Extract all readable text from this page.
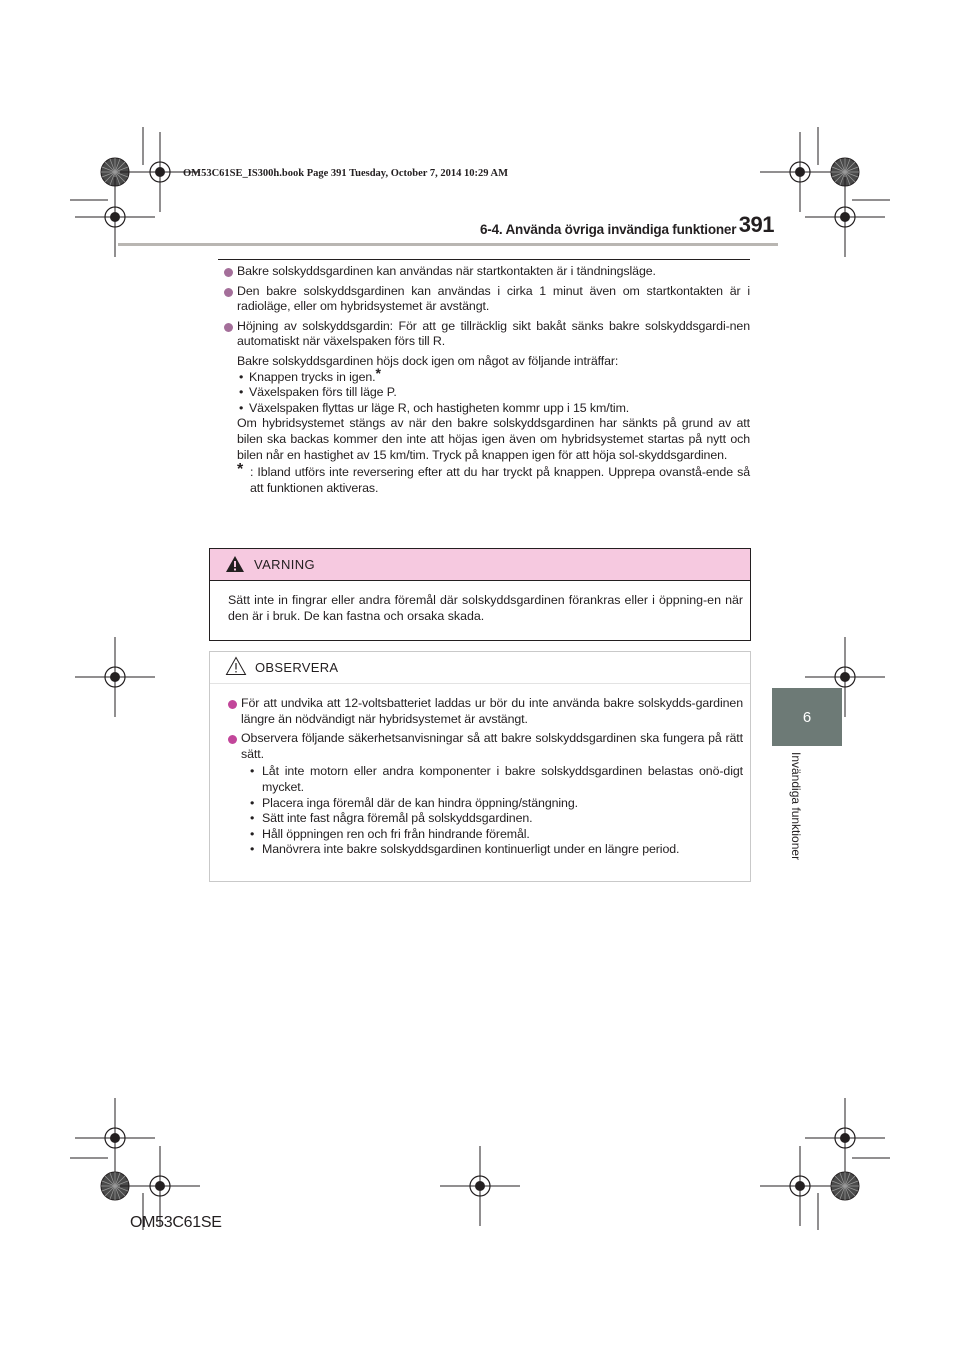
OM53C61SE_IS300h.book Page 391 Tuesday, October 7, 2014 10:29 AM
6-4. Använda övriga invändiga funktioner 391
6
Invändiga funktioner
Bakre solskyddsgardinen kan användas när startkontakten är i tändningsläge.
Den bakre solskyddsgardinen kan användas i cirka 1 minut även om startkontakten är i radioläge, eller om hybridsystemet är avstängt.
Höjning av solskyddsgardin: För att ge tillräcklig sikt bakåt sänks bakre solskyddsgardi-nen automatiskt när växelspaken förs till R.
Bakre solskyddsgardinen höjs dock igen om något av följande inträffar:
• Knappen trycks in igen.*
• Växelspaken förs till läge P.
• Växelspaken flyttas ur läge R, och hastigheten kommr upp i 15 km/tim.
Om hybridsystemet stängs av när den bakre solskyddsgardinen har sänkts på grund av att bilen ska backas kommer den inte att höjas igen även om hybridsystemet startas på nytt och bilen når en hastighet av 15 km/tim. Tryck på knappen igen för att höja sol-skyddsgardinen.
* : Ibland utförs inte reversering efter att du har tryckt på knappen. Upprepa ovanstå-ende så att funktionen aktiveras.
VARNING
Sätt inte in fingrar eller andra föremål där solskyddsgardinen förankras eller i öppning-en när den är i bruk. De kan fastna och orsaka skada.
OBSERVERA
För att undvika att 12-voltsbatteriet laddas ur bör du inte använda bakre solskydds-gardinen längre än nödvändigt när hybridsystemet är avstängt.
Observera följande säkerhetsanvisningar så att bakre solskyddsgardinen ska fungera på rätt sätt.
• Låt inte motorn eller andra komponenter i bakre solskyddsgardinen belastas onö-digt mycket.
• Placera inga föremål där de kan hindra öppning/stängning.
• Sätt inte fast några föremål på solskyddsgardinen.
• Håll öppningen ren och fri från hindrande föremål.
• Manövrera inte bakre solskyddsgardinen kontinuerligt under en längre period.
OM53C61SE
